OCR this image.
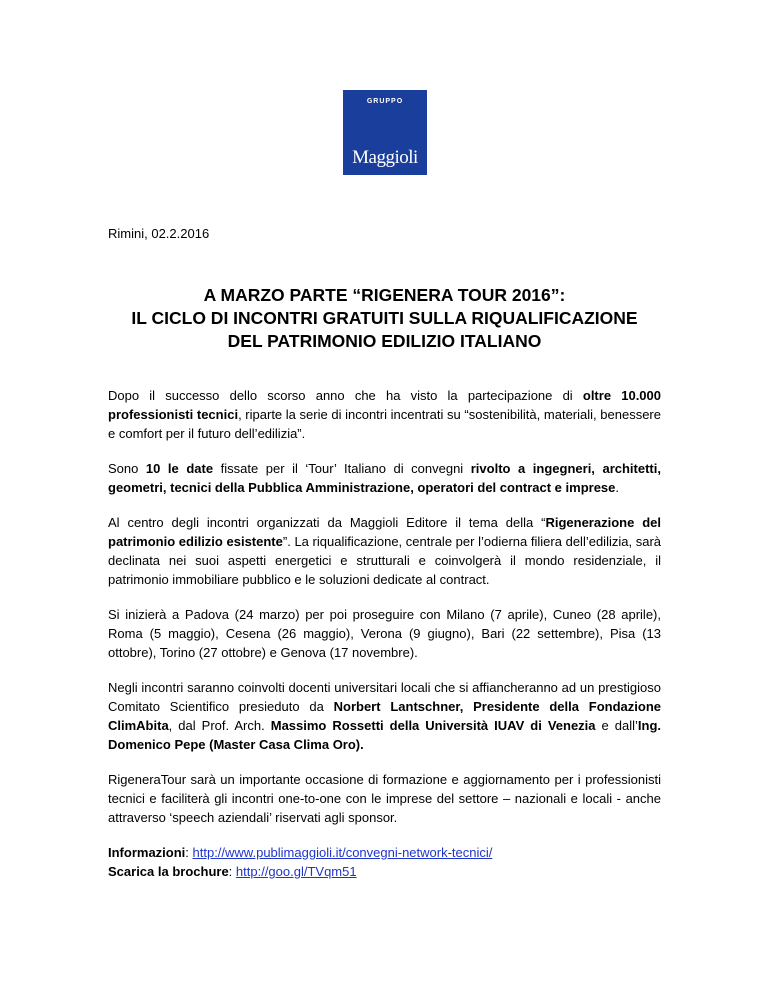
GRUPPO
Maggioli
Rimini, 02.2.2016
A MARZO PARTE “RIGENERA TOUR 2016”:
IL CICLO DI INCONTRI GRATUITI SULLA RIQUALIFICAZIONE
DEL PATRIMONIO EDILIZIO ITALIANO

Dopo il successo dello scorso anno che ha visto la partecipazione di oltre 10.000 professionisti tecnici, riparte la serie di incontri incentrati su “sostenibilità, materiali, benessere e comfort per il futuro dell’edilizia”.

Sono 10 le date fissate per il ‘Tour’ Italiano di convegni rivolto a ingegneri, architetti, geometri, tecnici della Pubblica Amministrazione, operatori del contract e imprese.

Al centro degli incontri organizzati da Maggioli Editore il tema della “Rigenerazione del patrimonio edilizio esistente”. La riqualificazione, centrale per l’odierna filiera dell’edilizia, sarà declinata nei suoi aspetti energetici e strutturali e coinvolgerà il mondo residenziale, il patrimonio immobiliare pubblico e le soluzioni dedicate al contract.

Si inizierà a Padova (24 marzo) per poi proseguire con Milano (7 aprile), Cuneo (28 aprile), Roma (5 maggio), Cesena (26 maggio), Verona (9 giugno), Bari (22 settembre), Pisa (13 ottobre), Torino (27 ottobre) e Genova (17 novembre).

Negli incontri saranno coinvolti docenti universitari locali che si affiancheranno ad un prestigioso Comitato Scientifico presieduto da Norbert Lantschner, Presidente della Fondazione ClimAbita, dal Prof. Arch. Massimo Rossetti della Università IUAV di Venezia e dall’Ing. Domenico Pepe (Master Casa Clima Oro).

RigeneraTour sarà un importante occasione di formazione e aggiornamento per i professionisti tecnici e faciliterà gli incontri one-to-one con le imprese del settore – nazionali e locali - anche attraverso ‘speech aziendali’ riservati agli sponsor.

Informazioni: http://www.publimaggioli.it/convegni-network-tecnici/
Scarica la brochure: http://goo.gl/TVqm51
